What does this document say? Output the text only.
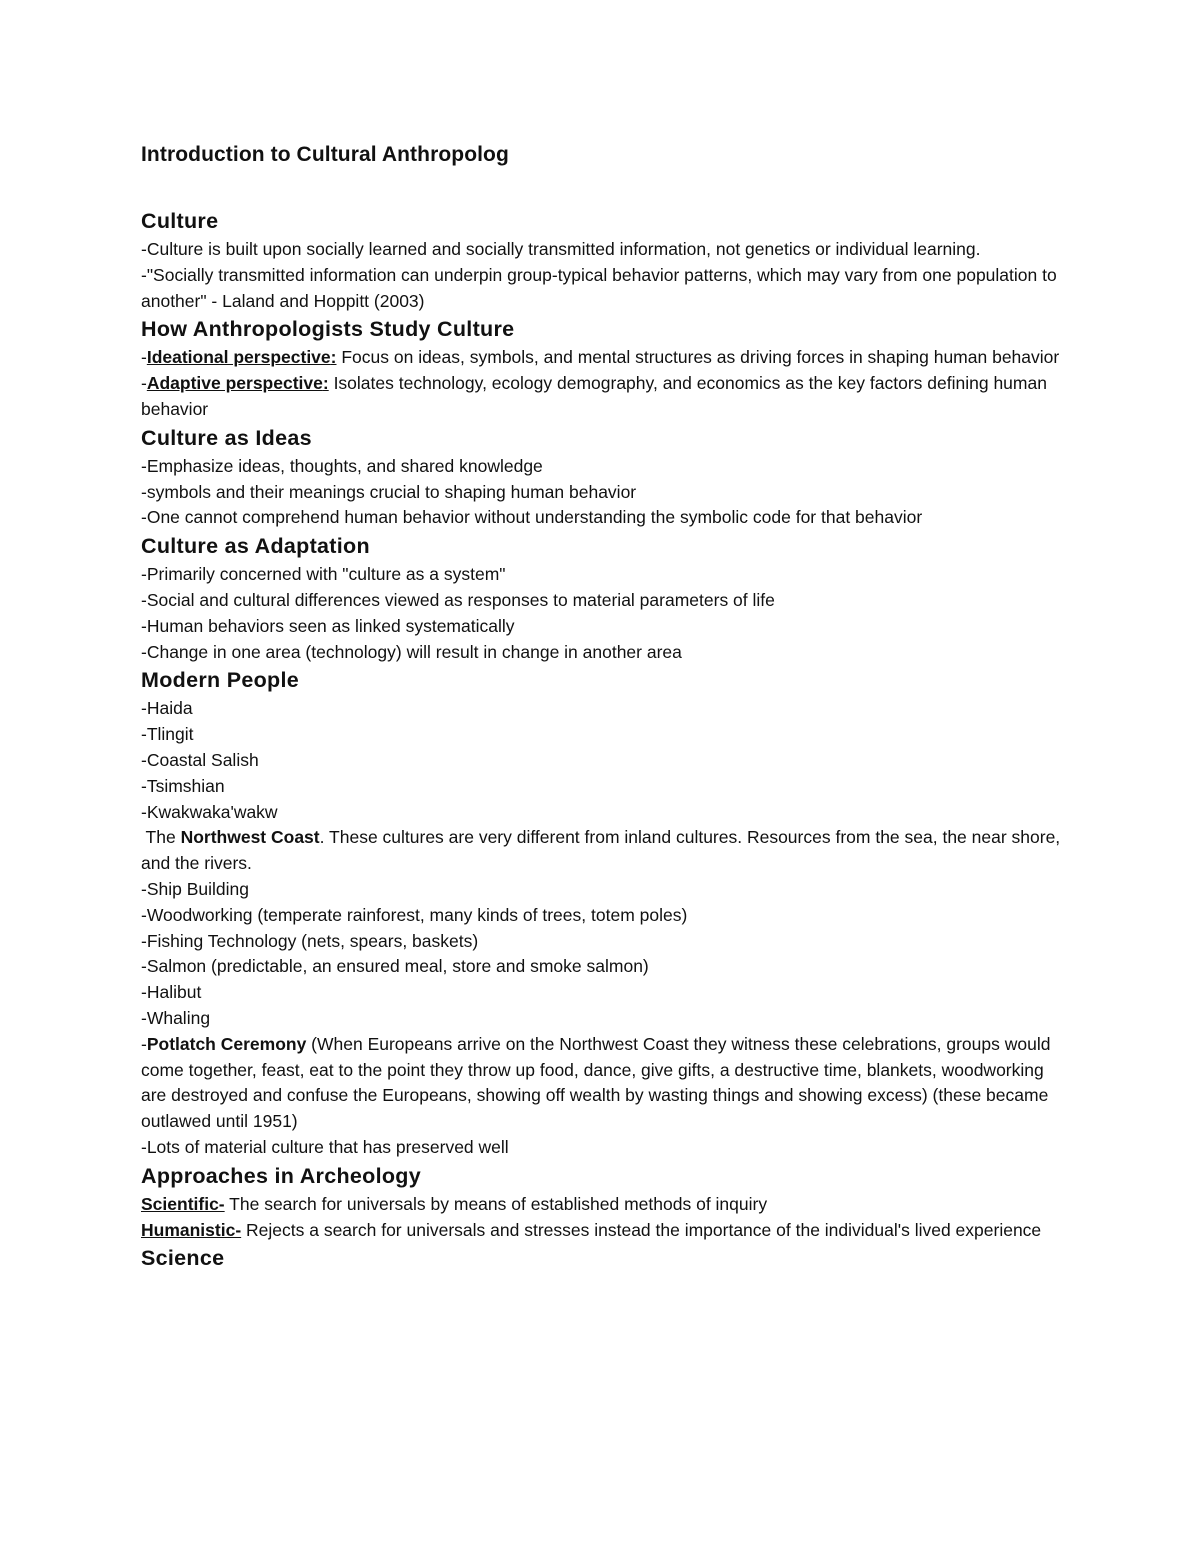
Introduction to Cultural Anthropolog
Culture

-Culture is built upon socially learned and socially transmitted information, not genetics or individual learning.

-"Socially transmitted information can underpin group-typical behavior patterns, which may vary from one population to another" - Laland and Hoppitt (2003)

How Anthropologists Study Culture

-Ideational perspective: Focus on ideas, symbols, and mental structures as driving forces in shaping human behavior

-Adaptive perspective: Isolates technology, ecology demography, and economics as the key factors defining human behavior

Culture as Ideas

-Emphasize ideas, thoughts, and shared knowledge

-symbols and their meanings crucial to shaping human behavior

-One cannot comprehend human behavior without understanding the symbolic code for that behavior

Culture as Adaptation

-Primarily concerned with "culture as a system"

-Social and cultural differences viewed as responses to material parameters of life

-Human behaviors seen as linked systematically

-Change in one area (technology) will result in change in another area

Modern People

-Haida

-Tlingit

-Coastal Salish

-Tsimshian

-Kwakwaka'wakw

The Northwest Coast. These cultures are very different from inland cultures. Resources from the sea, the near shore, and the rivers.

-Ship Building

-Woodworking (temperate rainforest, many kinds of trees, totem poles)

-Fishing Technology (nets, spears, baskets)

-Salmon (predictable, an ensured meal, store and smoke salmon)

-Halibut

-Whaling

-Potlatch Ceremony (When Europeans arrive on the Northwest Coast they witness these celebrations, groups would come together, feast, eat to the point they throw up food, dance, give gifts, a destructive time, blankets, woodworking are destroyed and confuse the Europeans, showing off wealth by wasting things and showing excess) (these became outlawed until 1951)

-Lots of material culture that has preserved well

Approaches in Archeology

Scientific- The search for universals by means of established methods of inquiry

Humanistic- Rejects a search for universals and stresses instead the importance of the individual's lived experience

Science
